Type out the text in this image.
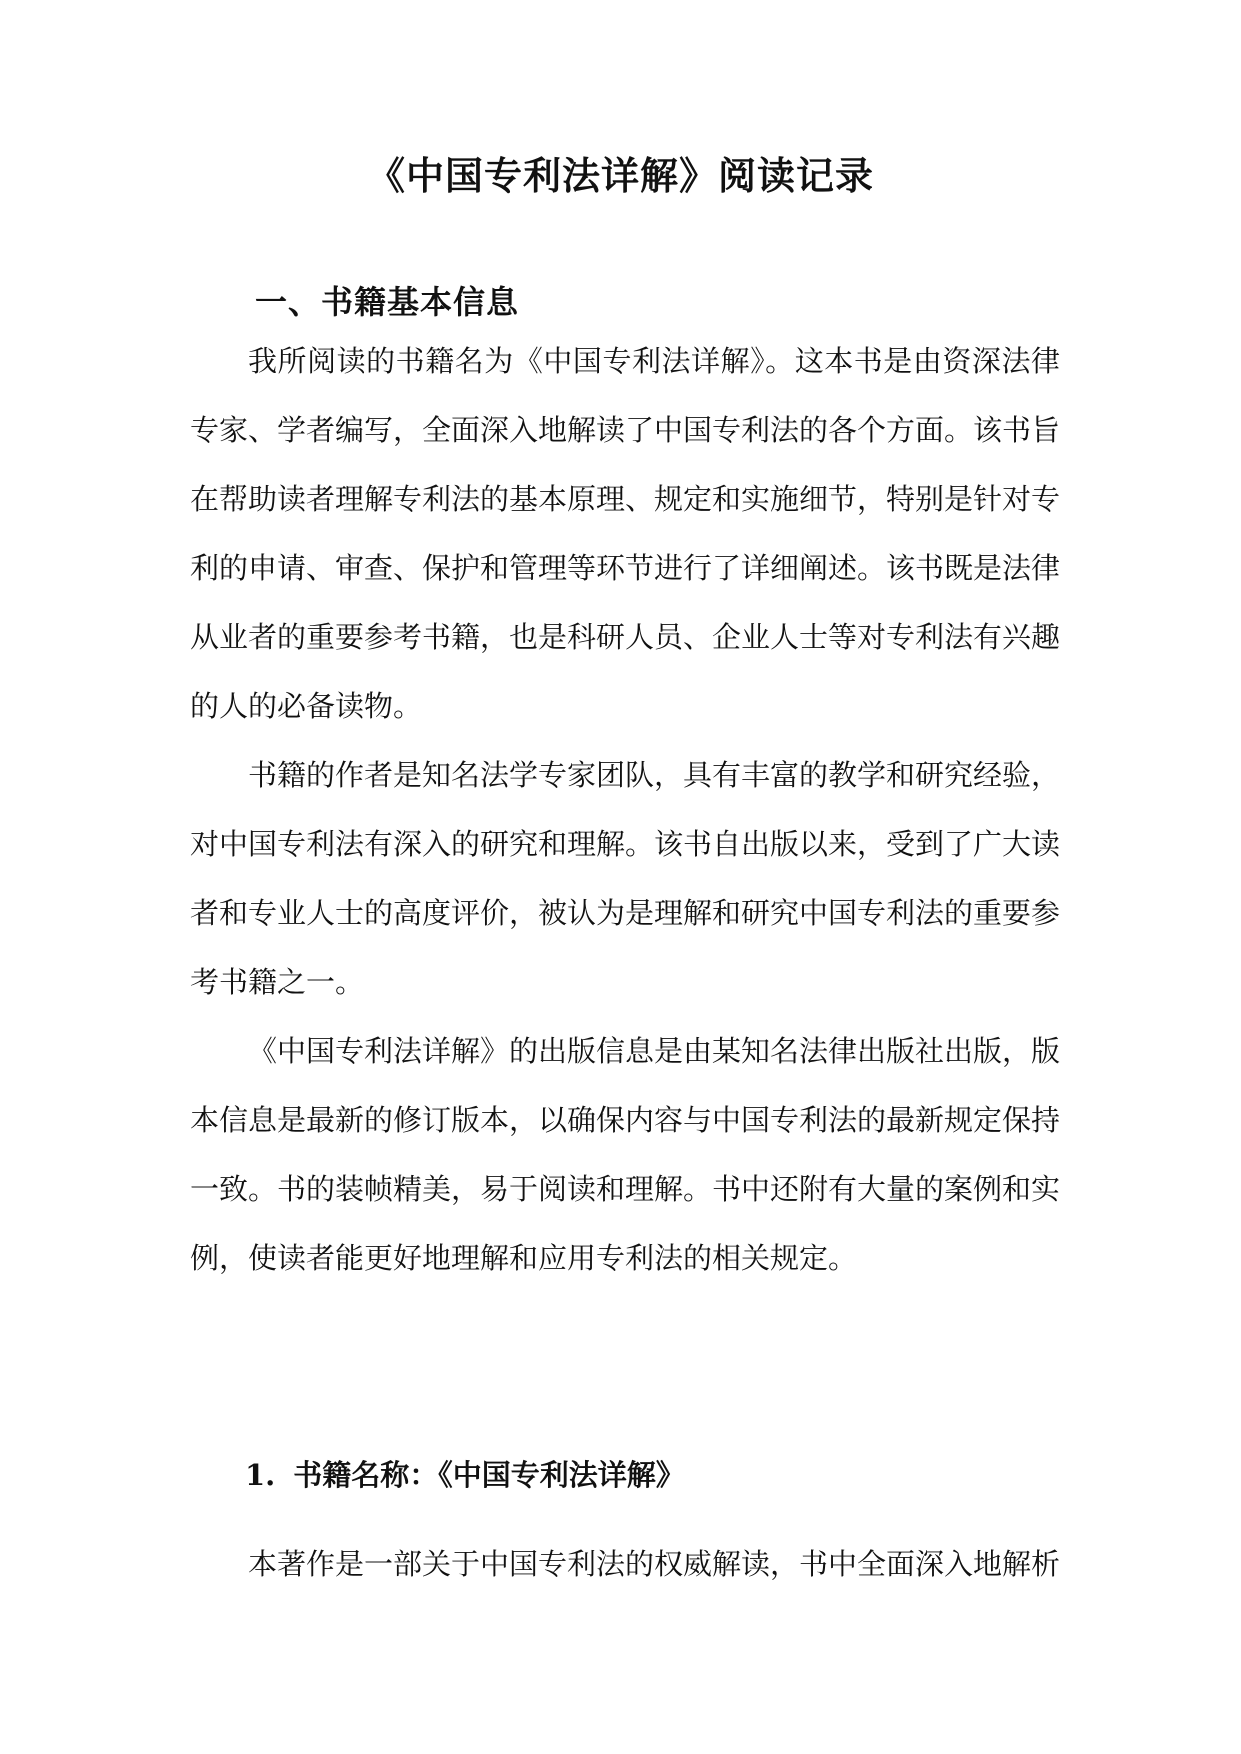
《中国专利法详解》阅读记录
一、书籍基本信息

我所阅读的书籍名为《中国专利法详解》。这本书是由资深法律专家、学者编写，全面深入地解读了中国专利法的各个方面。该书旨在帮助读者理解专利法的基本原理、规定和实施细节，特别是针对专利的申请、审查、保护和管理等环节进行了详细阐述。该书既是法律从业者的重要参考书籍，也是科研人员、企业人士等对专利法有兴趣的人的必备读物。

书籍的作者是知名法学专家团队，具有丰富的教学和研究经验，对中国专利法有深入的研究和理解。该书自出版以来，受到了广大读者和专业人士的高度评价，被认为是理解和研究中国专利法的重要参考书籍之一。

《中国专利法详解》的出版信息是由某知名法律出版社出版，版本信息是最新的修订版本，以确保内容与中国专利法的最新规定保持一致。书的装帧精美，易于阅读和理解。书中还附有大量的案例和实例，使读者能更好地理解和应用专利法的相关规定。

1. 书籍名称：《中国专利法详解》

本著作是一部关于中国专利法的权威解读，书中全面深入地解析
